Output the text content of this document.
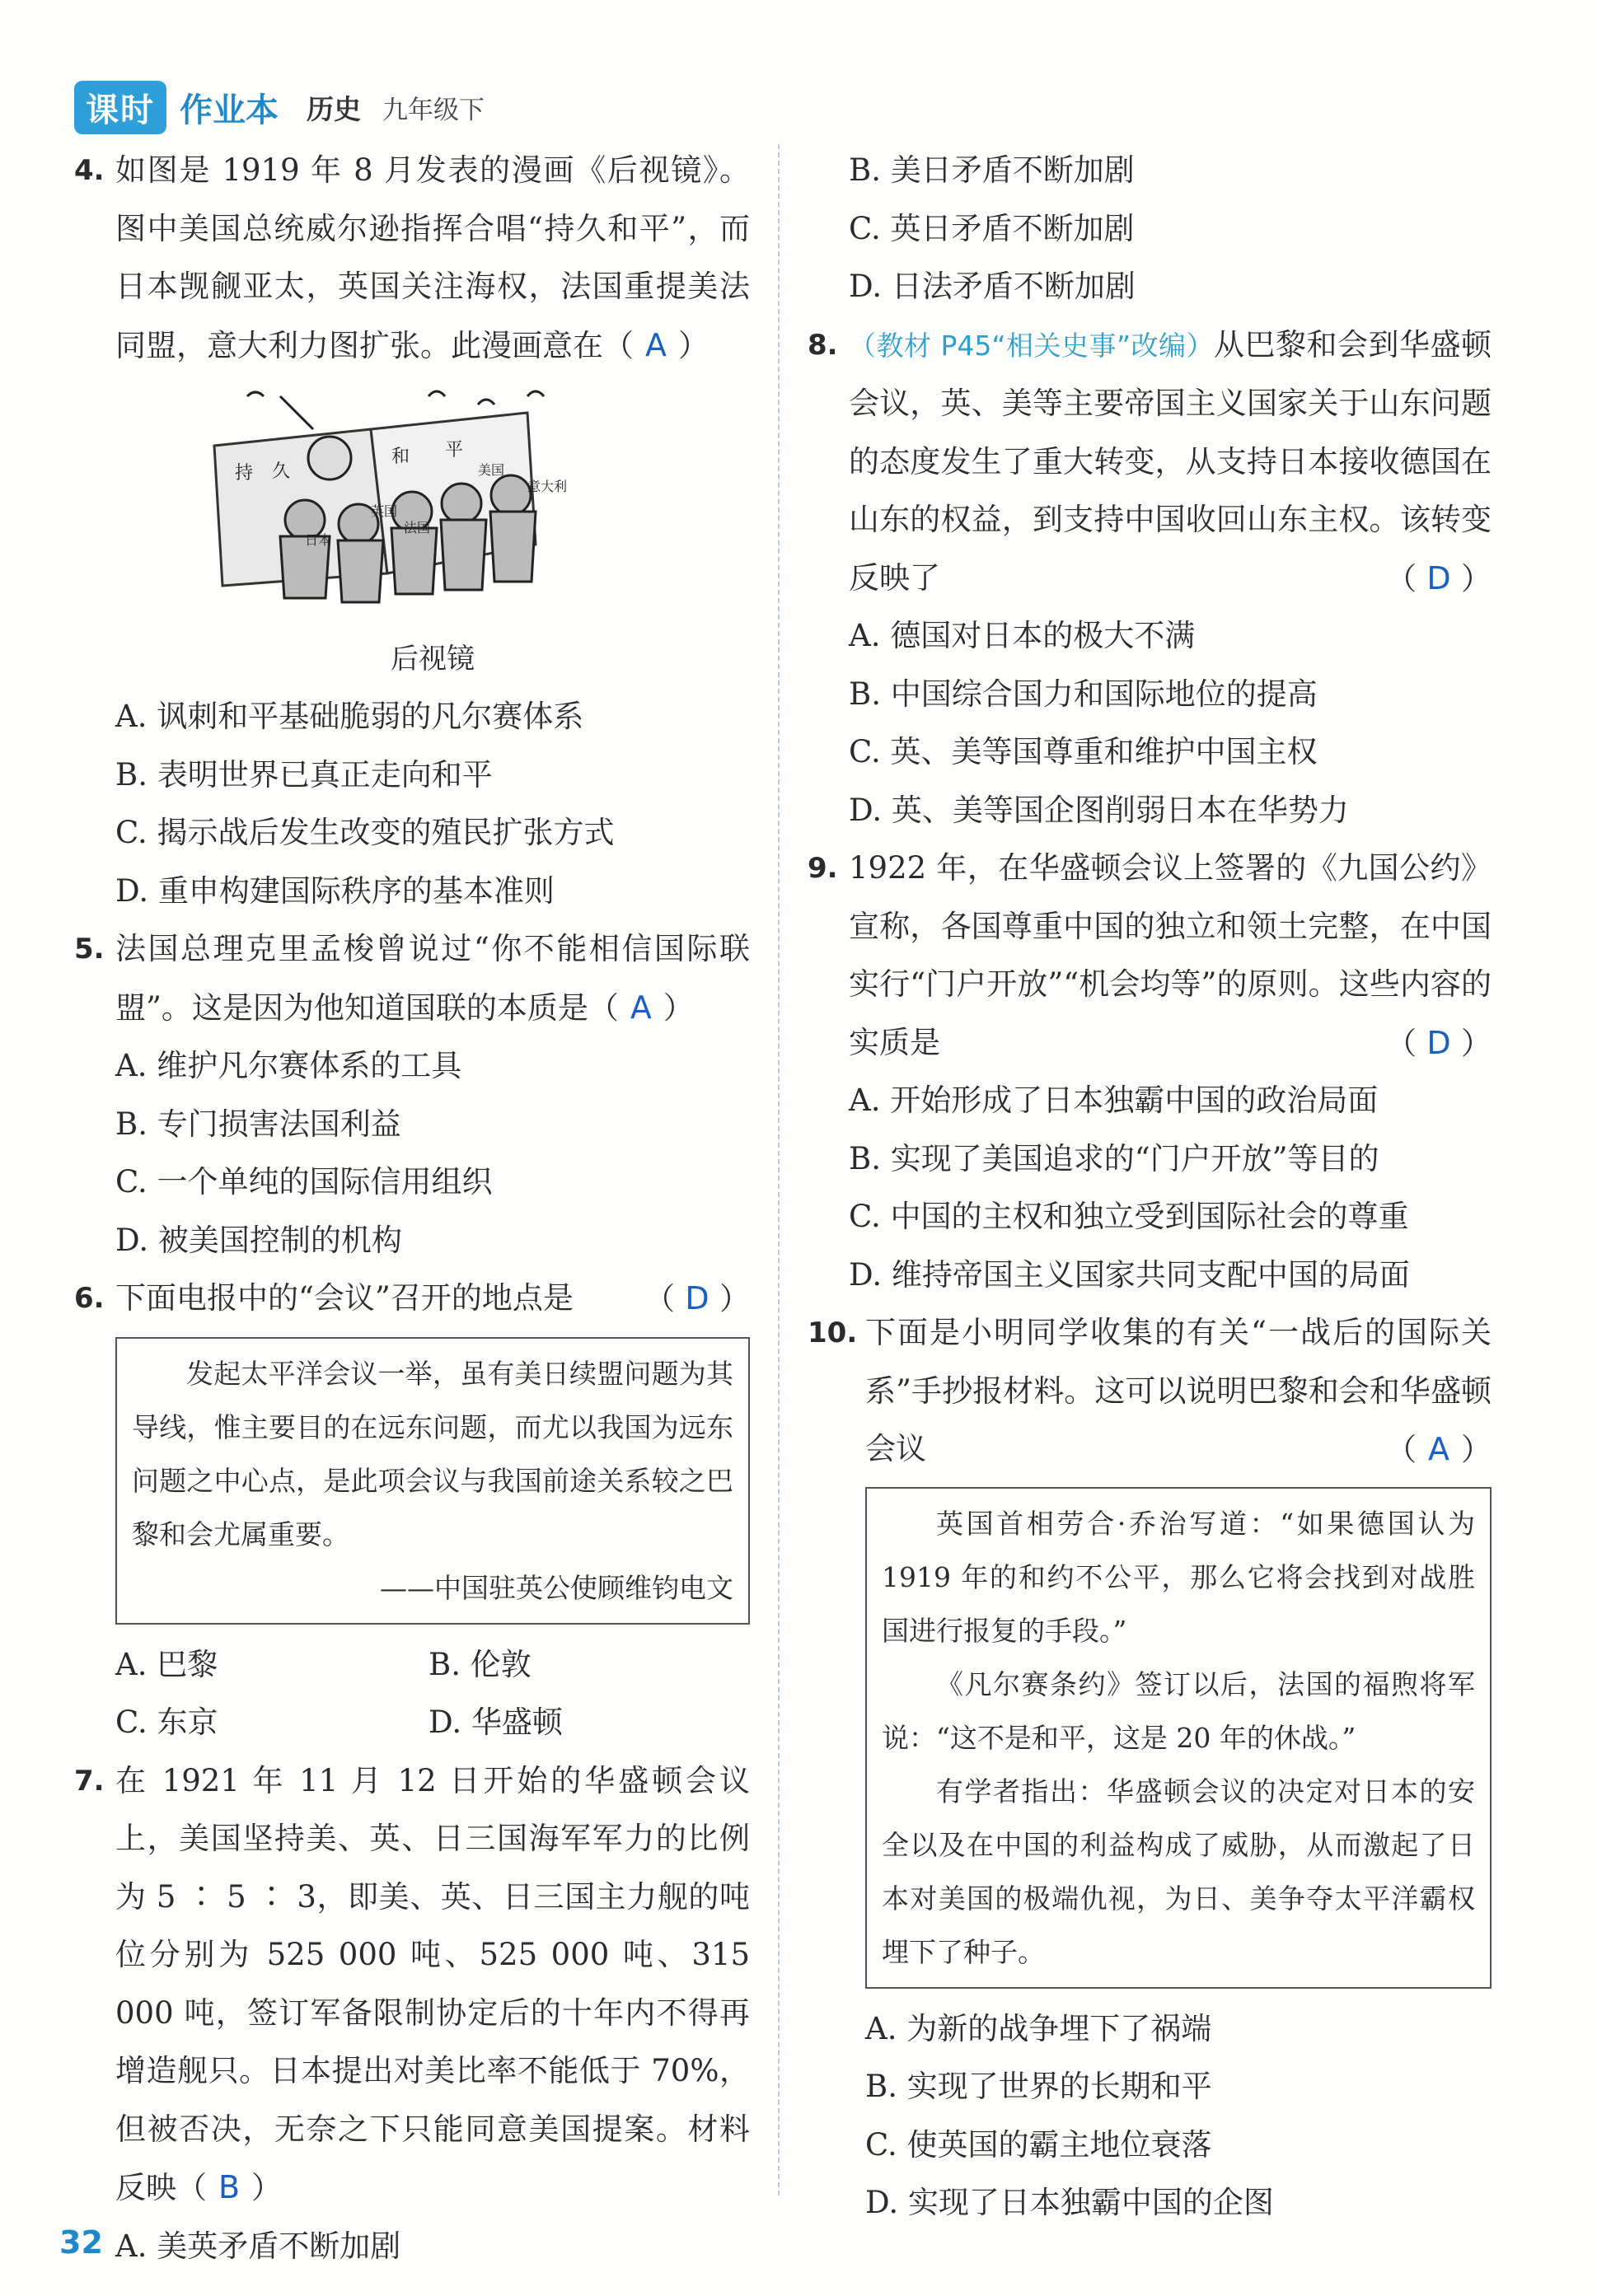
课时 作业本 历史 九年级下
4. 如图是 1919 年 8 月发表的漫画《后视镜》。图中美国总统威尔逊指挥合唱“持久和平”，而日本觊觎亚太，英国关注海权，法国重提美法同盟，意大利力图扩张。此漫画意在（ A ）
持 久
和 平
美国
英国
法国
日本
意大利
后视镜
A. 讽刺和平基础脆弱的凡尔赛体系
B. 表明世界已真正走向和平
C. 揭示战后发生改变的殖民扩张方式
D. 重申构建国际秩序的基本准则
5. 法国总理克里孟梭曾说过“你不能相信国际联盟”。这是因为他知道国联的本质是（ A ）
A. 维护凡尔赛体系的工具
B. 专门损害法国利益
C. 一个单纯的国际信用组织
D. 被美国控制的机构
6. 下面电报中的“会议”召开的地点是 （ D ）

发起太平洋会议一举，虽有美日续盟问题为其导线，惟主要目的在远东问题，而尤以我国为远东问题之中心点，是此项会议与我国前途关系较之巴黎和会尤属重要。

——中国驻英公使顾维钧电文

A. 巴黎	B. 伦敦
C. 东京	D. 华盛顿
7. 在 1921 年 11 月 12 日开始的华盛顿会议上，美国坚持美、英、日三国海军军力的比例为 5 ∶ 5 ∶ 3，即美、英、日三国主力舰的吨位分别为 525 000 吨、525 000 吨、315 000 吨，签订军备限制协定后的十年内不得再增造舰只。日本提出对美比率不能低于 70%，但被否决，无奈之下只能同意美国提案。材料反映（ B ）
A. 美英矛盾不断加剧
B. 美日矛盾不断加剧
C. 英日矛盾不断加剧
D. 日法矛盾不断加剧
8. （教材 P45“相关史事”改编）从巴黎和会到华盛顿会议，英、美等主要帝国主义国家关于山东问题的态度发生了重大转变，从支持日本接收德国在山东的权益，到支持中国收回山东主权。该转变反映了	（ D ）
A. 德国对日本的极大不满
B. 中国综合国力和国际地位的提高
C. 英、美等国尊重和维护中国主权
D. 英、美等国企图削弱日本在华势力
9. 1922 年，在华盛顿会议上签署的《九国公约》宣称，各国尊重中国的独立和领土完整，在中国实行“门户开放”“机会均等”的原则。这些内容的实质是	（ D ）
A. 开始形成了日本独霸中国的政治局面
B. 实现了美国追求的“门户开放”等目的
C. 中国的主权和独立受到国际社会的尊重
D. 维持帝国主义国家共同支配中国的局面
10. 下面是小明同学收集的有关“一战后的国际关系”手抄报材料。这可以说明巴黎和会和华盛顿会议	（ A ）

英国首相劳合·乔治写道：“如果德国认为 1919 年的和约不公平，那么它将会找到对战胜国进行报复的手段。”

《凡尔赛条约》签订以后，法国的福煦将军说：“这不是和平，这是 20 年的休战。”

有学者指出：华盛顿会议的决定对日本的安全以及在中国的利益构成了威胁，从而激起了日本对美国的极端仇视，为日、美争夺太平洋霸权埋下了种子。

A. 为新的战争埋下了祸端
B. 实现了世界的长期和平
C. 使英国的霸主地位衰落
D. 实现了日本独霸中国的企图
32
